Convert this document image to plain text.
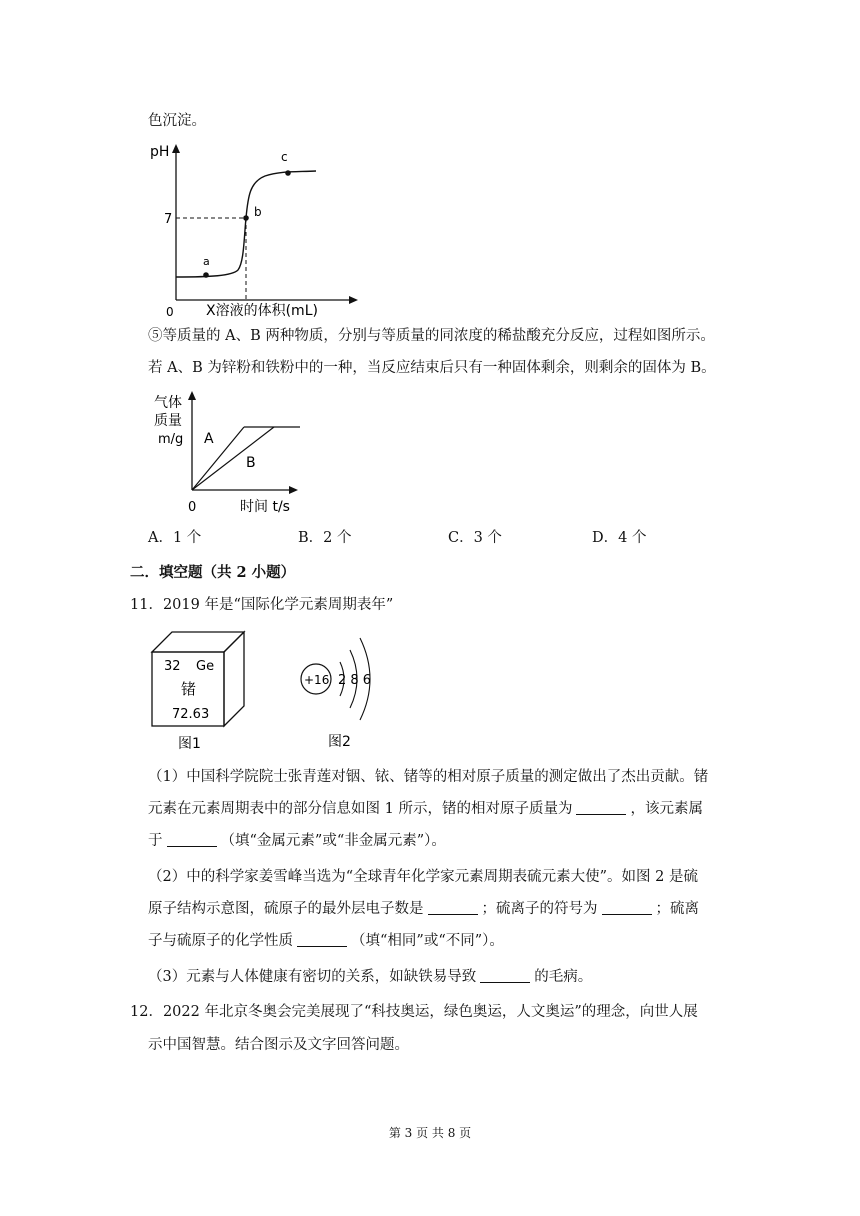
色沉淀。
pH
7
0
a
b
c
X溶液的体积(mL)
⑤等质量的 A、B 两种物质，分别与等质量的同浓度的稀盐酸充分反应，过程如图所示。
若 A、B 为锌粉和铁粉中的一种，当反应结束后只有一种固体剩余，则剩余的固体为 B。
气体
质量
m/g A
B
0	时间 t/s
A．1 个	B．2 个	C．3 个	D．4 个
二．填空题（共 2 小题）
11．2019 年是“国际化学元素周期表年”
32 Ge
锗
72.63
图1
+16 2 8 6
图2
（1）中国科学院院士张青莲对铟、铱、锗等的相对原子质量的测定做出了杰出贡献。锗
元素在元素周期表中的部分信息如图 1 所示，锗的相对原子质量为	，该元素属
于	（填“金属元素”或“非金属元素”）。
（2）中的科学家姜雪峰当选为“全球青年化学家元素周期表硫元素大使”。如图 2 是硫
原子结构示意图，硫原子的最外层电子数是	；硫离子的符号为	；硫离
子与硫原子的化学性质	（填“相同”或“不同”）。
（3）元素与人体健康有密切的关系，如缺铁易导致	的毛病。
12．2022 年北京冬奥会完美展现了“科技奥运，绿色奥运，人文奥运”的理念，向世人展
示中国智慧。结合图示及文字回答问题。
第 3 页 共 8 页
